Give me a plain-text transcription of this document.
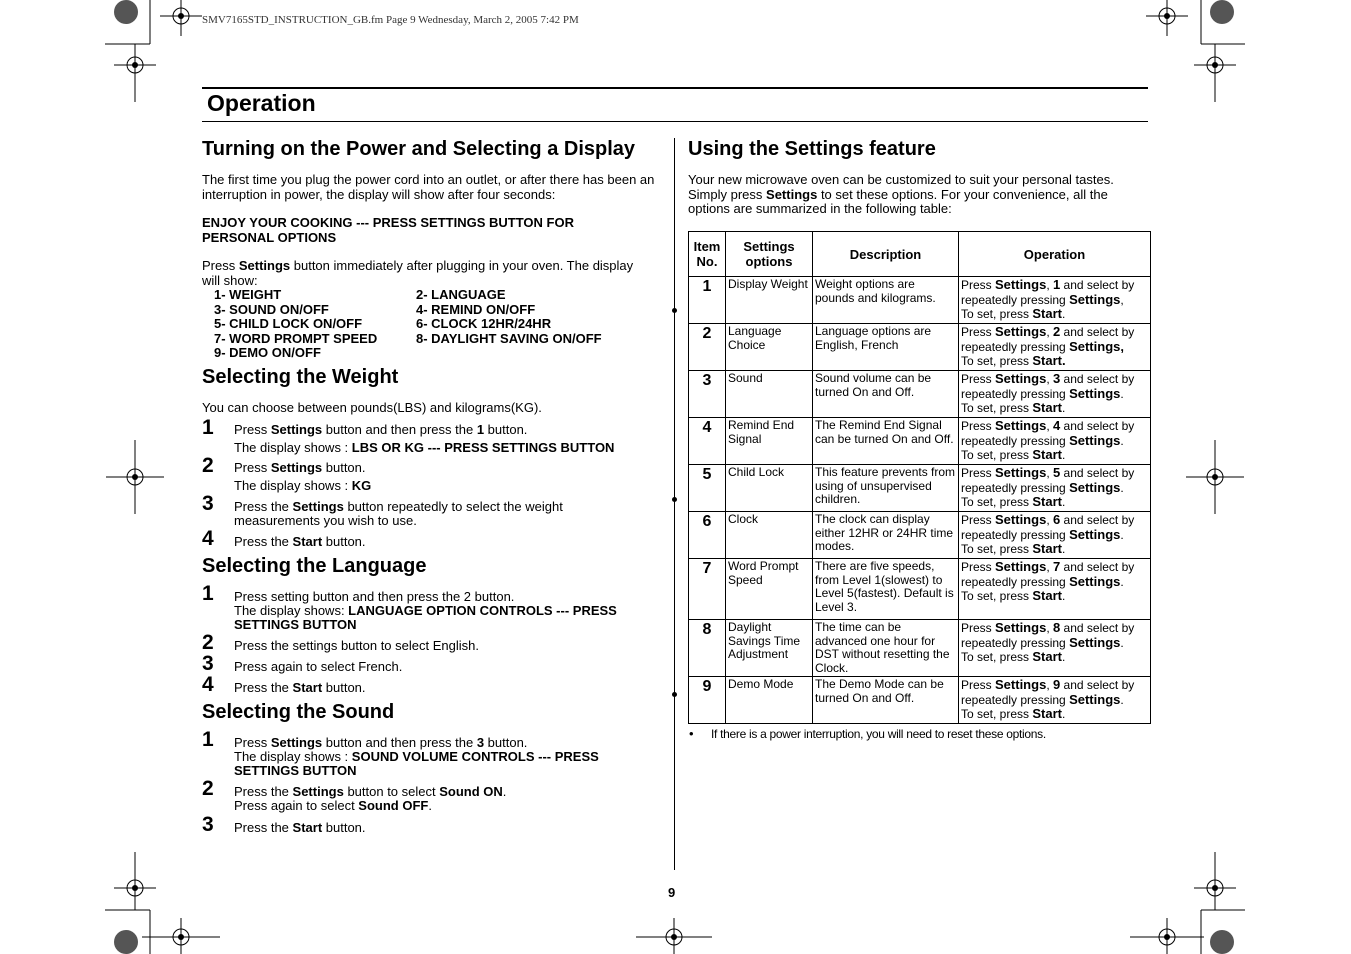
SMV7165STD_INSTRUCTION_GB.fm Page 9 Wednesday, March 2, 2005 7:42 PM
Operation
Turning on the Power and Selecting a Display
The first time you plug the power cord into an outlet, or after there has been an interruption in power, the display will show after four seconds:
ENJOY YOUR COOKING --- PRESS SETTINGS BUTTON FOR
PERSONAL OPTIONS
Press Settings button immediately after plugging in your oven. The display
will show:
1- WEIGHT	2- LANGUAGE
3- SOUND ON/OFF	4- REMIND ON/OFF
5- CHILD LOCK ON/OFF	6- CLOCK 12HR/24HR
7- WORD PROMPT SPEED	8- DAYLIGHT SAVING ON/OFF
9- DEMO ON/OFF
Selecting the Weight
You can choose between pounds(LBS) and kilograms(KG).
1 Press Settings button and then press the 1 button.
The display shows : LBS OR KG --- PRESS SETTINGS BUTTON
2 Press Settings button.
The display shows : KG
3 Press the Settings button repeatedly to select the weight
measurements you wish to use.
4 Press the Start button.
Selecting the Language
1 Press setting button and then press the 2 button.
The display shows: LANGUAGE OPTION CONTROLS --- PRESS
SETTINGS BUTTON
2 Press the settings button to select English.
3 Press again to select French.
4 Press the Start button.
Selecting the Sound
1 Press Settings button and then press the 3 button.
The display shows : SOUND VOLUME CONTROLS --- PRESS
SETTINGS BUTTON
2 Press the Settings button to select Sound ON.
Press again to select Sound OFF.
3 Press the Start button.
Using the Settings feature
Your new microwave oven can be customized to suit your personal tastes.
Simply press Settings to set these options. For your convenience, all the
options are summarized in the following table:
Item
No.	Settings
options	Description	Operation
1	Display Weight	Weight options are pounds and kilograms.	Press Settings, 1 and select by
repeatedly pressing Settings,
To set, press Start.
2	Language Choice	Language options are English, French	Press Settings, 2 and select by
repeatedly pressing Settings,
To set, press Start.
3	Sound	Sound volume can be turned On and Off.	Press Settings, 3 and select by
repeatedly pressing Settings.
To set, press Start.
4	Remind End Signal	The Remind End Signal can be turned On and Off.	Press Settings, 4 and select by
repeatedly pressing Settings.
To set, press Start.
5	Child Lock	This feature prevents from using of unsupervised children.	Press Settings, 5 and select by
repeatedly pressing Settings.
To set, press Start.
6	Clock	The clock can display either 12HR or 24HR time modes.	Press Settings, 6 and select by
repeatedly pressing Settings.
To set, press Start.
7	Word Prompt Speed	There are five speeds, from Level 1(slowest) to Level 5(fastest). Default is Level 3.	Press Settings, 7 and select by
repeatedly pressing Settings.
To set, press Start.
8	Daylight Savings Time Adjustment	The time can be advanced one hour for DST without resetting the Clock.	Press Settings, 8 and select by
repeatedly pressing Settings.
To set, press Start.
9	Demo Mode	The Demo Mode can be turned On and Off.	Press Settings, 9 and select by
repeatedly pressing Settings.
To set, press Start.
• If there is a power interruption, you will need to reset these options.
9
